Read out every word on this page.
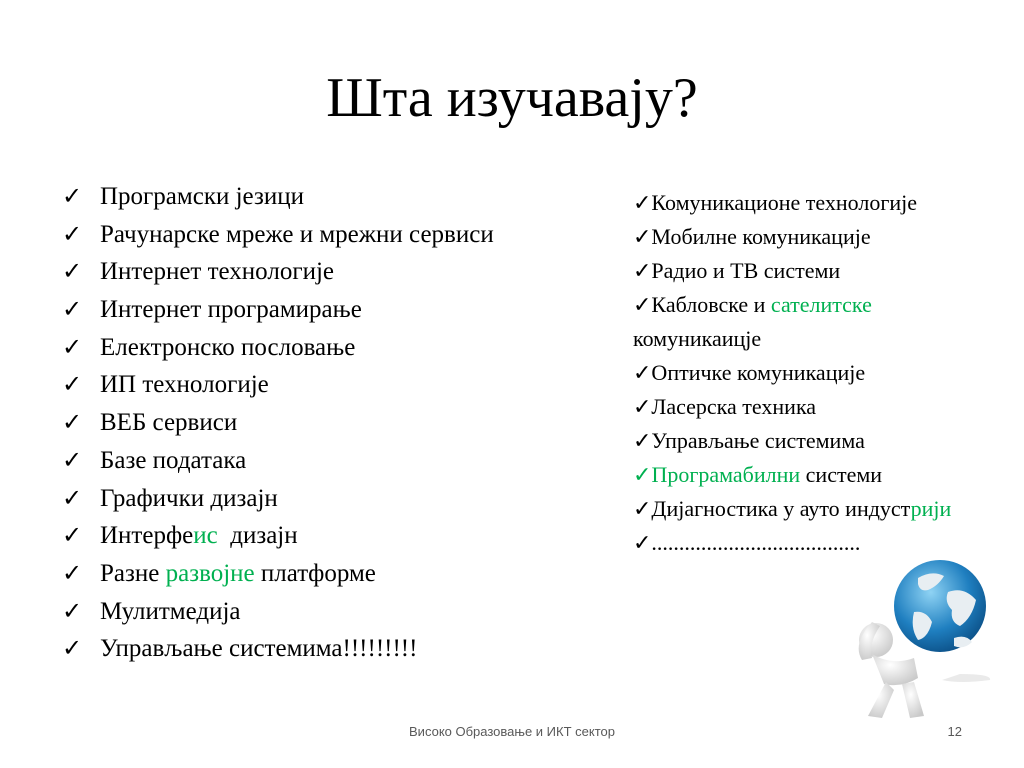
Шта изучавају?
✓ Програмски језици
✓ Рачунарске мреже и мрежни сервиси
✓ Интернет технологије
✓ Интернет програмирање
✓ Електронско пословање
✓ ИП технологије
✓ ВЕБ сервиси
✓ Базе података
✓ Графички дизајн
✓ Интерфеис  дизајн
✓ Разне развојне платформе
✓ Мулитмедија
✓ Управљање системима!!!!!!!!!
✓Комуникационе технологије
✓Мобилне комуникације
✓Радио и ТВ системи
✓Кабловске и сателитске комуникаицје
✓Оптичке комуникације
✓Ласерска техника
✓Управљање системима
✓Програмабилни системи
✓Дијагностика у ауто индустрији
✓......................................
Високо Образовање и ИКТ сектор	12
